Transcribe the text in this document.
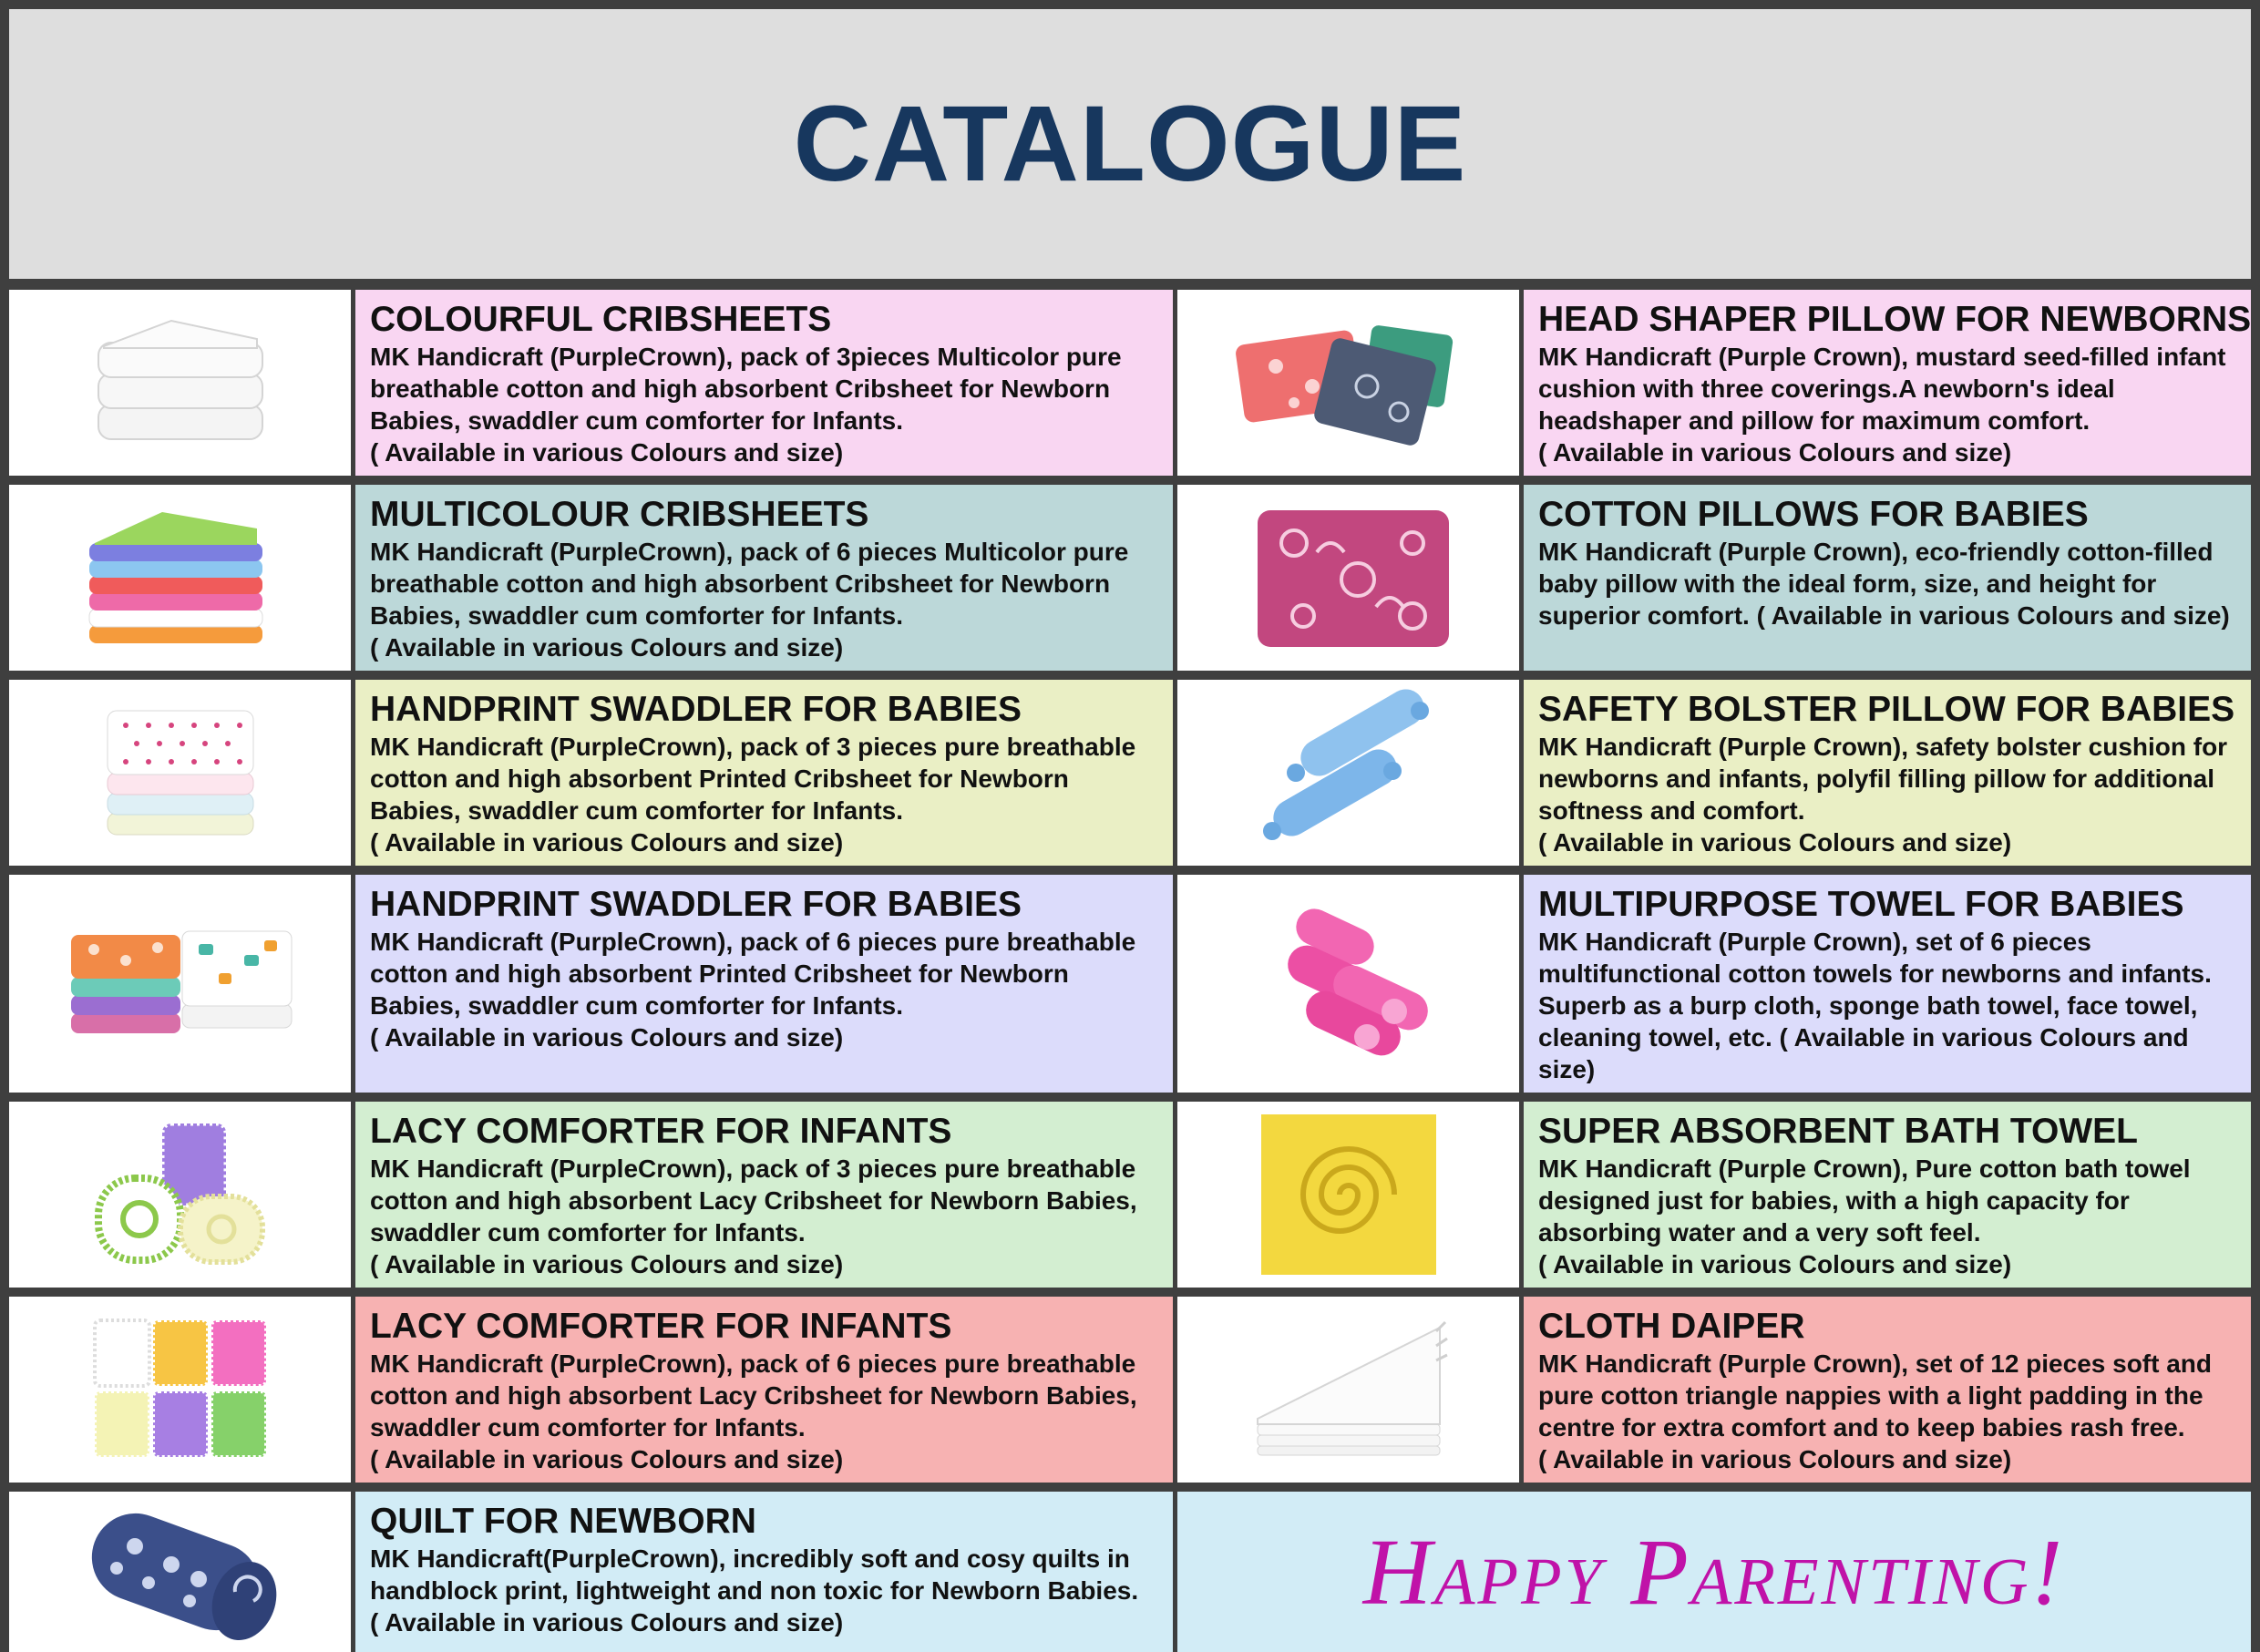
CATALOGUE
COLOURFUL CRIBSHEETS

MK Handicraft (PurpleCrown), pack of 3pieces Multicolor pure breathable cotton and high absorbent Cribsheet for Newborn Babies, swaddler cum comforter for Infants.

( Available in various Colours and size)

HEAD SHAPER PILLOW FOR NEWBORNS

MK Handicraft (Purple Crown), mustard seed-filled infant cushion with three coverings.A newborn's ideal headshaper and pillow for maximum comfort.

( Available in various Colours and size)

MULTICOLOUR CRIBSHEETS

MK Handicraft (PurpleCrown), pack of 6 pieces Multicolor pure breathable cotton and high absorbent Cribsheet for Newborn Babies, swaddler cum comforter for Infants.

( Available in various Colours and size)

COTTON PILLOWS FOR BABIES

MK Handicraft (Purple Crown), eco-friendly cotton-filled baby pillow with the ideal form, size, and height for superior comfort. ( Available in various Colours and size)

HANDPRINT SWADDLER FOR BABIES

MK Handicraft (PurpleCrown), pack of 3 pieces pure breathable cotton and high absorbent Printed Cribsheet for Newborn Babies, swaddler cum comforter for Infants.

( Available in various Colours and size)

SAFETY BOLSTER PILLOW FOR BABIES

MK Handicraft (Purple Crown), safety bolster cushion for newborns and infants, polyfil filling pillow for additional softness and comfort.

( Available in various Colours and size)

HANDPRINT SWADDLER FOR BABIES

MK Handicraft (PurpleCrown), pack of 6 pieces pure breathable cotton and high absorbent Printed Cribsheet for Newborn Babies, swaddler cum comforter for Infants.

( Available in various Colours and size)

MULTIPURPOSE TOWEL FOR BABIES

MK Handicraft (Purple Crown), set of 6 pieces multifunctional cotton towels for newborns and infants. Superb as a burp cloth, sponge bath towel, face towel, cleaning towel, etc. ( Available in various Colours and size)

LACY COMFORTER FOR INFANTS

MK Handicraft (PurpleCrown), pack of 3 pieces pure breathable cotton and high absorbent Lacy Cribsheet for Newborn Babies, swaddler cum comforter for Infants.

( Available in various Colours and size)

SUPER ABSORBENT BATH TOWEL

MK Handicraft (Purple Crown), Pure cotton bath towel designed just for babies, with a high capacity for absorbing water and a very soft feel.

( Available in various Colours and size)

LACY COMFORTER FOR INFANTS

MK Handicraft (PurpleCrown), pack of 6 pieces pure breathable cotton and high absorbent Lacy Cribsheet for Newborn Babies, swaddler cum comforter for Infants.

( Available in various Colours and size)

CLOTH DAIPER

MK Handicraft (Purple Crown), set of 12 pieces soft and pure cotton triangle nappies with a light padding in the centre for extra comfort and to keep babies rash free.

( Available in various Colours and size)

QUILT FOR NEWBORN

MK Handicraft(PurpleCrown), incredibly soft and cosy quilts in handblock print, lightweight and non toxic for Newborn Babies.

( Available in various Colours and size)	Happy Parenting!
